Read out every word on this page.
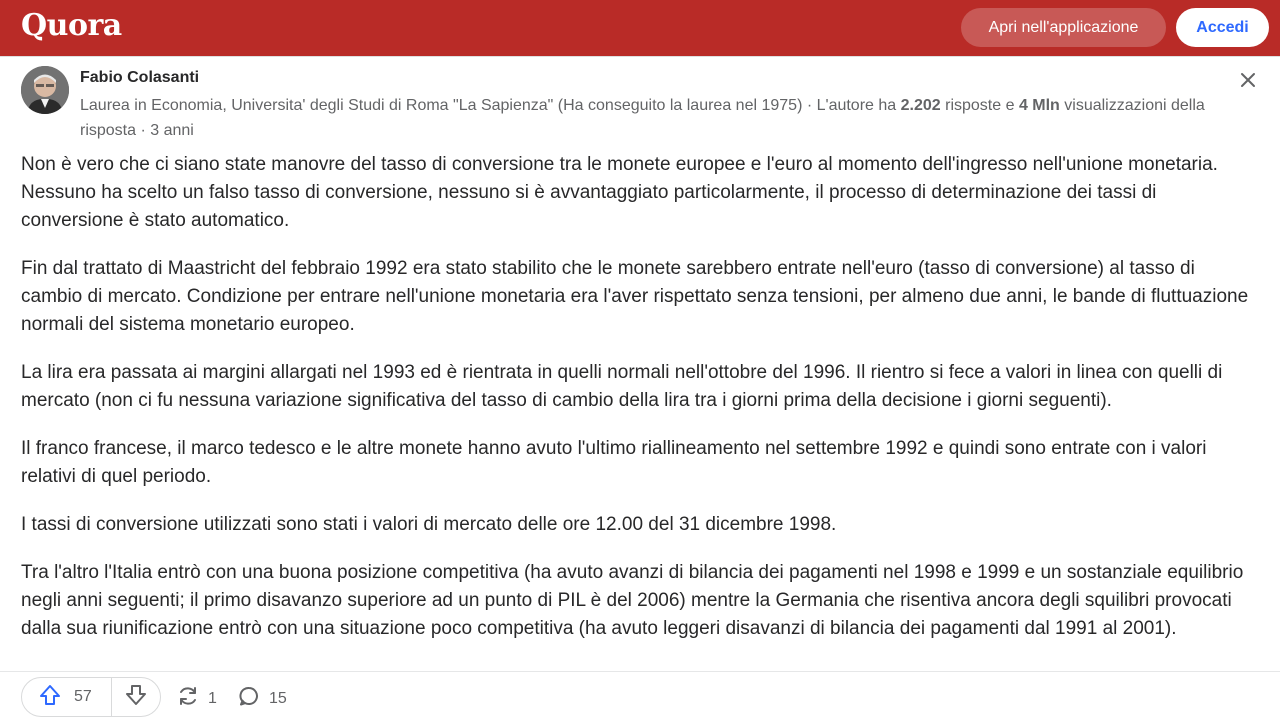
Quora	Apri nell'applicazione	Accedi
Fabio Colasanti
Laurea in Economia, Universita' degli Studi di Roma "La Sapienza" (Ha conseguito la laurea nel 1975) · L'autore ha 2.202 risposte e 4 Mln visualizzazioni della risposta · 3 anni

Non è vero che ci siano state manovre del tasso di conversione tra le monete europee e l'euro al momento dell'ingresso nell'unione monetaria. Nessuno ha scelto un falso tasso di conversione, nessuno si è avvantaggiato particolarmente, il processo di determinazione dei tassi di conversione è stato automatico.

Fin dal trattato di Maastricht del febbraio 1992 era stato stabilito che le monete sarebbero entrate nell'euro (tasso di conversione) al tasso di cambio di mercato. Condizione per entrare nell'unione monetaria era l'aver rispettato senza tensioni, per almeno due anni, le bande di fluttuazione normali del sistema monetario europeo.

La lira era passata ai margini allargati nel 1993 ed è rientrata in quelli normali nell'ottobre del 1996. Il rientro si fece a valori in linea con quelli di mercato (non ci fu nessuna variazione significativa del tasso di cambio della lira tra i giorni prima della decisione i giorni seguenti).

Il franco francese, il marco tedesco e le altre monete hanno avuto l'ultimo riallineamento nel settembre 1992 e quindi sono entrate con i valori relativi di quel periodo.

I tassi di conversione utilizzati sono stati i valori di mercato delle ore 12.00 del 31 dicembre 1998.

Tra l'altro l'Italia entrò con una buona posizione competitiva (ha avuto avanzi di bilancia dei pagamenti nel 1998 e 1999 e un sostanziale equilibrio negli anni seguenti; il primo disavanzo superiore ad un punto di PIL è del 2006) mentre la Germania che risentiva ancora degli squilibri provocati dalla sua riunificazione entrò con una situazione poco competitiva (ha avuto leggeri disavanzi di bilancia dei pagamenti dal 1991 al 2001).

57	1	15
